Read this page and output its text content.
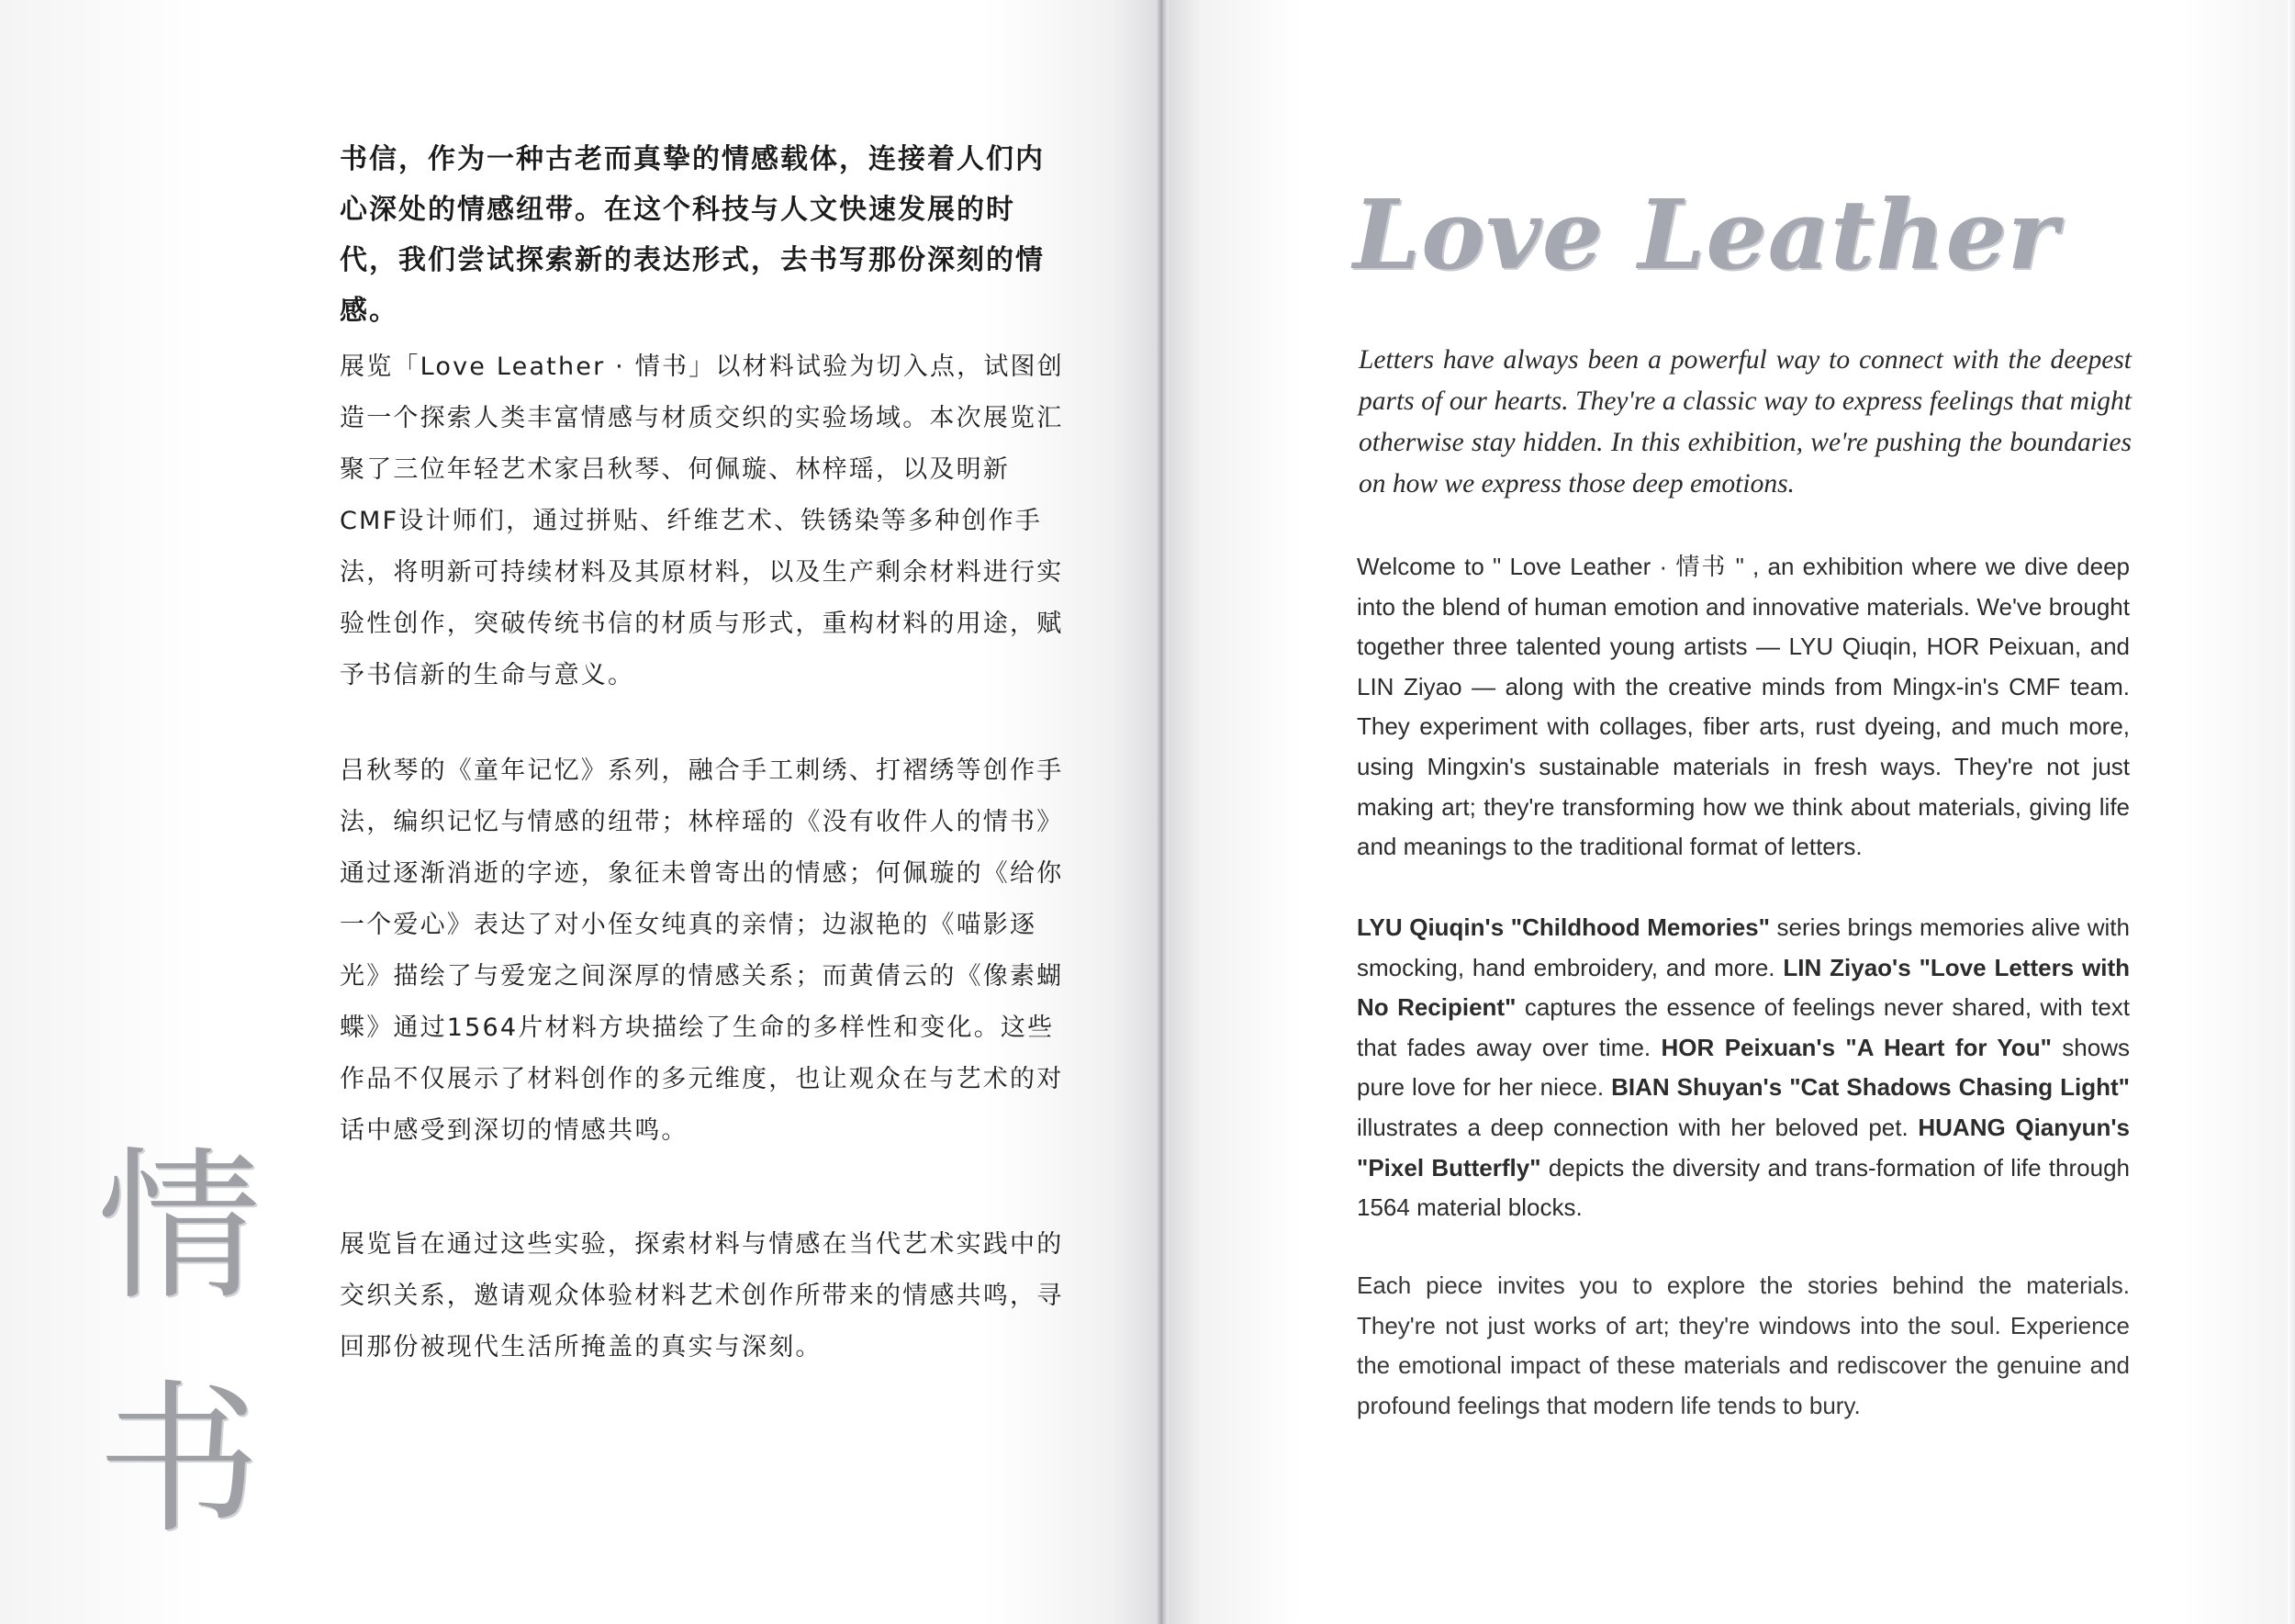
书信，作为一种古老而真挚的情感载体，连接着人们内心深处的情感纽带。在这个科技与人文快速发展的时代，我们尝试探索新的表达形式，去书写那份深刻的情感。

展览「Love Leather · 情书」以材料试验为切入点，试图创造一个探索人类丰富情感与材质交织的实验场域。本次展览汇聚了三位年轻艺术家吕秋琴、何佩璇、林梓瑶，以及明新CMF设计师们，通过拼贴、纤维艺术、铁锈染等多种创作手法，将明新可持续材料及其原材料，以及生产剩余材料进行实验性创作，突破传统书信的材质与形式，重构材料的用途，赋予书信新的生命与意义。

吕秋琴的《童年记忆》系列，融合手工刺绣、打褶绣等创作手法，编织记忆与情感的纽带；林梓瑶的《没有收件人的情书》通过逐渐消逝的字迹，象征未曾寄出的情感；何佩璇的《给你一个爱心》表达了对小侄女纯真的亲情；边淑艳的《喵影逐光》描绘了与爱宠之间深厚的情感关系；而黄倩云的《像素蝴蝶》通过1564片材料方块描绘了生命的多样性和变化。这些作品不仅展示了材料创作的多元维度，也让观众在与艺术的对话中感受到深切的情感共鸣。

展览旨在通过这些实验，探索材料与情感在当代艺术实践中的交织关系，邀请观众体验材料艺术创作所带来的情感共鸣，寻回那份被现代生活所掩盖的真实与深刻。

情
书
Love Leather

Letters have always been a powerful way to connect with the deepest parts of our hearts. They're a classic way to express feelings that might otherwise stay hidden. In this exhibition, we're pushing the boundaries on how we express those deep emotions.

Welcome to " Love Leather · 情书 " , an exhibition where we dive deep into the blend of human emotion and innovative materials. We've brought together three talented young artists — LYU Qiuqin, HOR Peixuan, and LIN Ziyao — along with the creative minds from Mingx-in's CMF team. They experiment with collages, fiber arts, rust dyeing, and much more, using Mingxin's sustainable materials in fresh ways. They're not just making art; they're transforming how we think about materials, giving life and meanings to the traditional format of letters.

LYU Qiuqin's "Childhood Memories" series brings memories alive with smocking, hand embroidery, and more. LIN Ziyao's "Love Letters with No Recipient" captures the essence of feelings never shared, with text that fades away over time. HOR Peixuan's "A Heart for You" shows pure love for her niece. BIAN Shuyan's "Cat Shadows Chasing Light" illustrates a deep connection with her beloved pet. HUANG Qianyun's "Pixel Butterfly" depicts the diversity and trans-formation of life through 1564 material blocks.

Each piece invites you to explore the stories behind the materials. They're not just works of art; they're windows into the soul. Experience the emotional impact of these materials and rediscover the genuine and profound feelings that modern life tends to bury.
